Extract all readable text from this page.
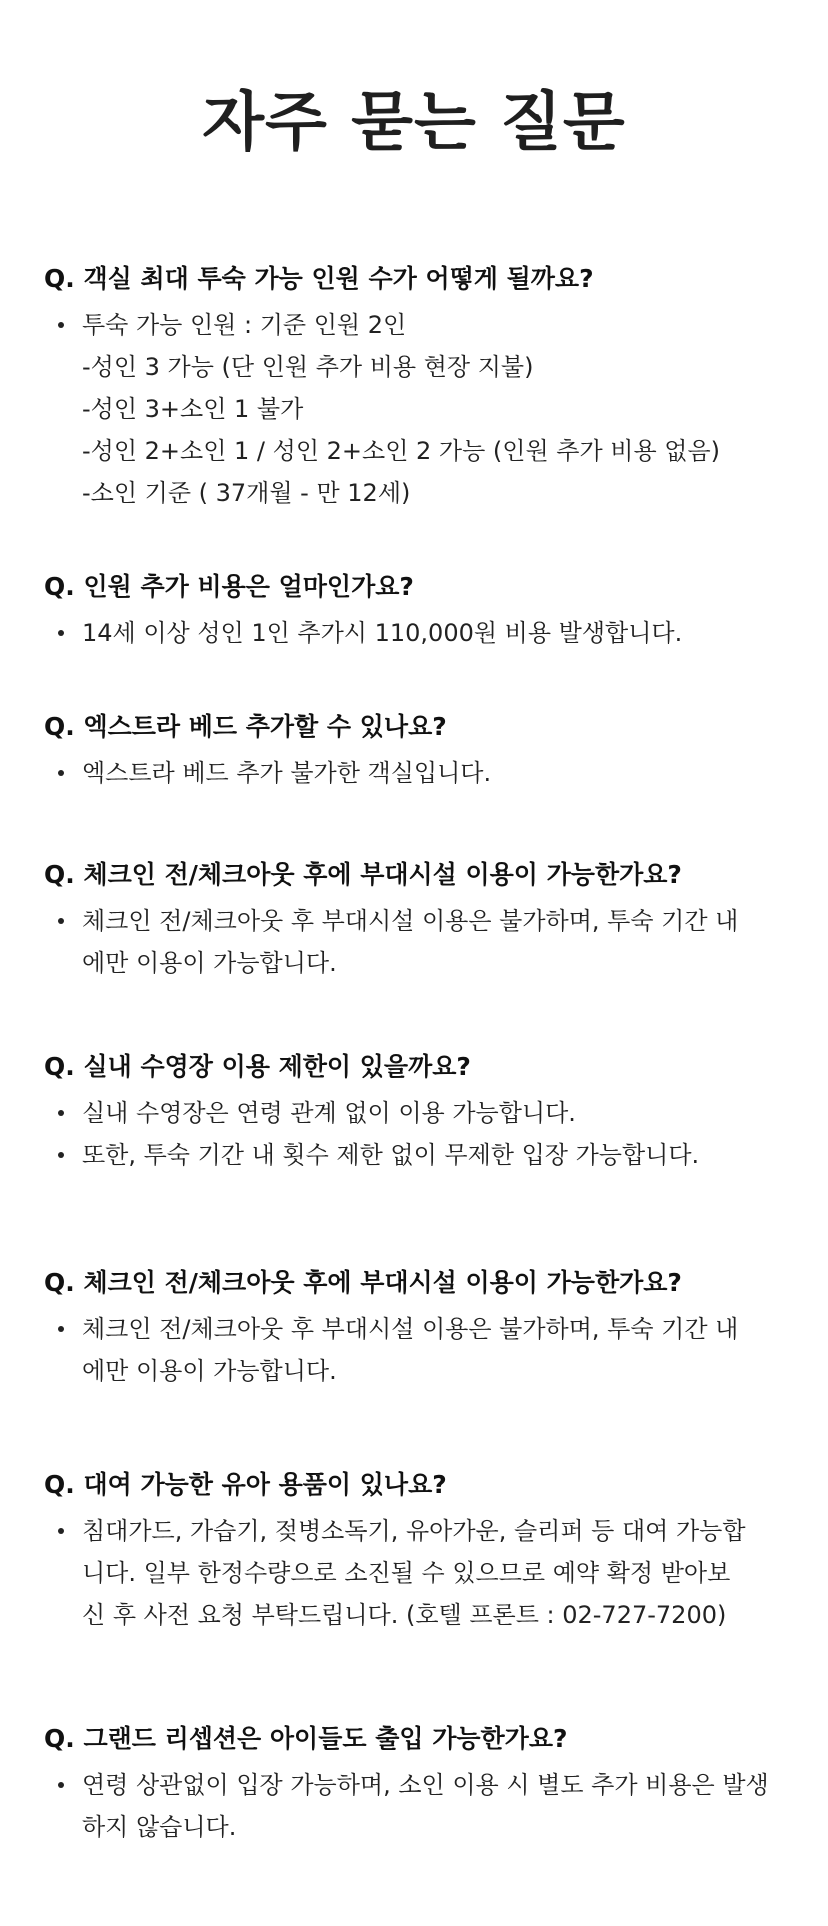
자주 묻는 질문
Q. 객실 최대 투숙 가능 인원 수가 어떻게 될까요?
투숙 가능 인원 : 기준 인원 2인
-성인 3 가능 (단 인원 추가 비용 현장 지불)
-성인 3+소인 1 불가
-성인 2+소인 1 / 성인 2+소인 2 가능 (인원 추가 비용 없음)
-소인 기준 ( 37개월 - 만 12세)
Q. 인원 추가 비용은 얼마인가요?
14세 이상 성인 1인 추가시 110,000원 비용 발생합니다.
Q. 엑스트라 베드 추가할 수 있나요?
엑스트라 베드 추가 불가한 객실입니다.
Q. 체크인 전/체크아웃 후에 부대시설 이용이 가능한가요?
체크인 전/체크아웃 후 부대시설 이용은 불가하며, 투숙 기간 내
에만 이용이 가능합니다.
Q. 실내 수영장 이용 제한이 있을까요?
실내 수영장은 연령 관계 없이 이용 가능합니다.
또한, 투숙 기간 내 횟수 제한 없이 무제한 입장 가능합니다.
Q. 체크인 전/체크아웃 후에 부대시설 이용이 가능한가요?
체크인 전/체크아웃 후 부대시설 이용은 불가하며, 투숙 기간 내
에만 이용이 가능합니다.
Q. 대여 가능한 유아 용품이 있나요?
침대가드, 가습기, 젖병소독기, 유아가운, 슬리퍼 등 대여 가능합
니다. 일부 한정수량으로 소진될 수 있으므로 예약 확정 받아보
신 후 사전 요청 부탁드립니다. (호텔 프론트 : 02-727-7200)
Q. 그랜드 리셉션은 아이들도 출입 가능한가요?
연령 상관없이 입장 가능하며, 소인 이용 시 별도 추가 비용은 발생
하지 않습니다.
